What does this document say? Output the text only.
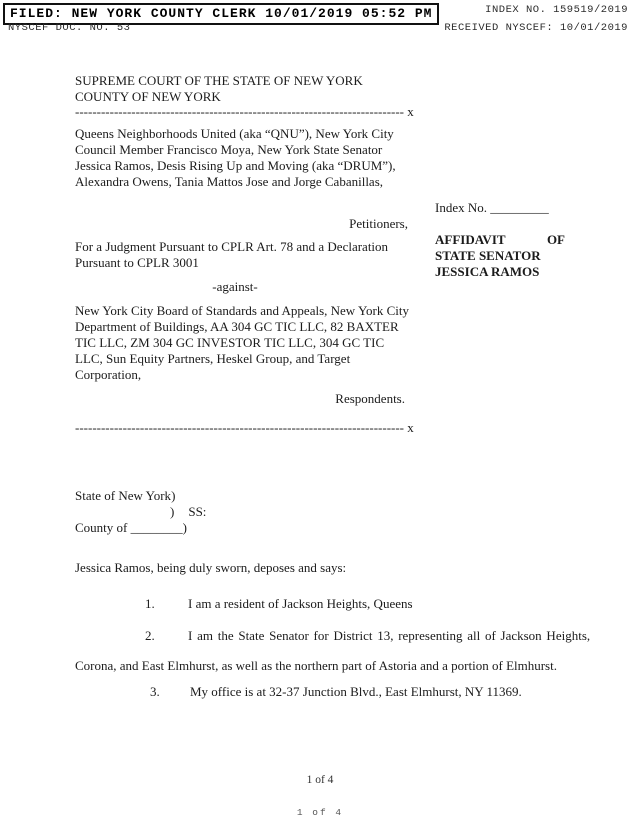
FILED: NEW YORK COUNTY CLERK 10/01/2019 05:52 PM	INDEX NO. 159519/2019
NYSCEF DOC. NO. 53	RECEIVED NYSCEF: 10/01/2019
SUPREME COURT OF THE STATE OF NEW YORK
COUNTY OF NEW YORK
---------------------------------------------------------------------------- x
Queens Neighborhoods United (aka “QNU”), New York City
Council Member Francisco Moya, New York State Senator
Jessica Ramos, Desis Rising Up and Moving (aka “DRUM”),
Alexandra Owens, Tania Mattos Jose and Jorge Cabanillas,
Index No. _________
Petitioners,
For a Judgment Pursuant to CPLR Art. 78 and a Declaration
Pursuant to CPLR 3001
AFFIDAVIT	OF
STATE SENATOR
JESSICA RAMOS
-against-
New York City Board of Standards and Appeals, New York City
Department of Buildings, AA 304 GC TIC LLC, 82 BAXTER
TIC LLC, ZM 304 GC INVESTOR TIC LLC, 304 GC TIC
LLC, Sun Equity Partners, Heskel Group, and Target
Corporation,
Respondents.
---------------------------------------------------------------------------- x
State of New York)
) SS:
County of ________)
Jessica Ramos, being duly sworn, deposes and says:
1.	I am a resident of Jackson Heights, Queens
2.	I am the State Senator for District 13, representing all of Jackson Heights,
Corona, and East Elmhurst, as well as the northern part of Astoria and a portion of Elmhurst.
3. My office is at 32-37 Junction Blvd., East Elmhurst, NY 11369.
1 of 4
1 of 4
